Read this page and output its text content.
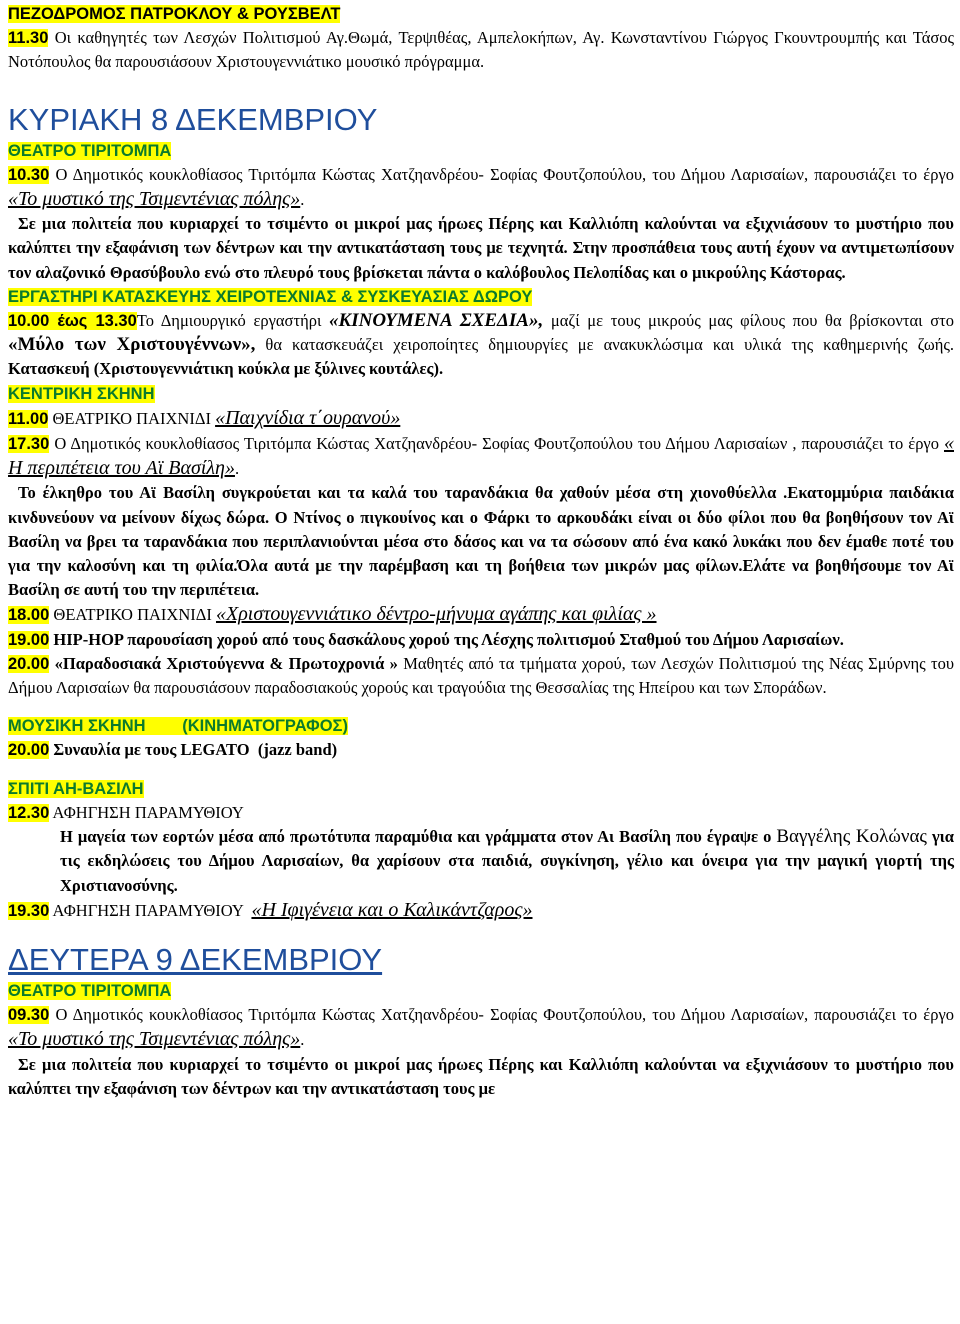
ΠΕΖΟΔΡΟΜΟΣ ΠΑΤΡΟΚΛΟΥ & ΡΟΥΣΒΕΛΤ

11.30 Οι καθηγητές των Λεσχών Πολιτισμού Αγ.Θωμά, Τερψιθέας, Αμπελοκήπων, Αγ. Κωνσταντίνου Γιώργος Γκουντρουμπής και Τάσος Νοτόπουλος θα παρουσιάσουν Χριστουγεννιάτικο μουσικό πρόγραμμα.

ΚΥΡΙΑΚΗ 8 ΔΕΚΕΜΒΡΙΟΥ

ΘΕΑΤΡΟ ΤΙΡΙΤΟΜΠΑ

10.30 Ο Δημοτικός κουκλοθίασος Τιριτόμπα Κώστας Χατζηανδρέου- Σοφίας Φουτζοπούλου, του Δήμου Λαρισαίων, παρουσιάζει το έργο «Το μυστικό της Τσιμεντένιας πόλης».

Σε μια πολιτεία που κυριαρχεί το τσιμέντο οι μικροί μας ήρωες Πέρης και Καλλιόπη καλούνται να εξιχνιάσουν το μυστήριο που καλύπτει την εξαφάνιση των δέντρων και την αντικατάσταση τους με τεχνητά. Στην προσπάθεια τους αυτή έχουν να αντιμετωπίσουν τον αλαζονικό Θρασύβουλο ενώ στο πλευρό τους βρίσκεται πάντα ο καλόβουλος Πελοπίδας και ο μικρούλης Κάστορας.

ΕΡΓΑΣΤΗΡΙ ΚΑΤΑΣΚΕΥΗΣ ΧΕΙΡΟΤΕΧΝΙΑΣ & ΣΥΣΚΕΥΑΣΙΑΣ ΔΩΡΟΥ

10.00 έως 13.30Το Δημιουργικό εργαστήρι «ΚΙΝΟΥΜΕΝΑ ΣΧΕΔΙΑ», μαζί με τους μικρούς μας φίλους που θα βρίσκονται στο «Μύλο των Χριστουγέννων», θα κατασκευάζει χειροποίητες δημιουργίες με ανακυκλώσιμα και υλικά της καθημερινής ζωής. Κατασκευή (Χριστουγεννιάτικη κούκλα με ξύλινες κουτάλες).

ΚΕΝΤΡΙΚΗ ΣΚΗΝΗ

11.00 ΘΕΑΤΡΙΚΟ ΠΑΙΧΝΙΔΙ «Παιχνίδια τ΄ουρανού»

17.30 Ο Δημοτικός κουκλοθίασος Τιριτόμπα Κώστας Χατζηανδρέου- Σοφίας Φουτζοπούλου του Δήμου Λαρισαίων , παρουσιάζει το έργο « Η περιπέτεια του Αϊ Βασίλη».

Το έλκηθρο του Αϊ Βασίλη συγκρούεται και τα καλά του ταρανδάκια θα χαθούν μέσα στη χιονοθύελλα .Εκατομμύρια παιδάκια κινδυνεύουν να μείνουν δίχως δώρα. Ο Ντίνος ο πιγκουίνος και ο Φάρκι το αρκουδάκι είναι οι δύο φίλοι που θα βοηθήσουν τον Αϊ Βασίλη να βρει τα ταρανδάκια που περιπλανιούνται μέσα στο δάσος και να τα σώσουν από ένα κακό λυκάκι που δεν έμαθε ποτέ του για την καλοσύνη και τη φιλία.Όλα αυτά με την παρέμβαση και τη βοήθεια των μικρών μας φίλων.Ελάτε να βοηθήσουμε τον Αϊ Βασίλη σε αυτή του την περιπέτεια.

18.00 ΘΕΑΤΡΙΚΟ ΠΑΙΧΝΙΔΙ «Χριστουγεννιάτικο δέντρο-μήνυμα αγάπης και φιλίας »

19.00 HIP-HOP παρουσίαση χορού από τους δασκάλους χορού της Λέσχης πολιτισμού Σταθμού του Δήμου Λαρισαίων.

20.00 «Παραδοσιακά Χριστούγεννα & Πρωτοχρονιά » Μαθητές από τα τμήματα χορού, των Λεσχών Πολιτισμού της Νέας Σμύρνης του Δήμου Λαρισαίων θα παρουσιάσουν παραδοσιακούς χορούς και τραγούδια της Θεσσαλίας της Ηπείρου και των Σποράδων.

ΜΟΥΣΙΚΗ ΣΚΗΝΗ        (ΚΙΝΗΜΑΤΟΓΡΑΦΟΣ)

20.00 Συναυλία με τους LEGATO  (jazz band)

ΣΠΙΤΙ ΑΗ-ΒΑΣΙΛΗ

12.30 ΑΦΗΓΗΣΗ ΠΑΡΑΜΥΘΙΟΥ

Η μαγεία των εορτών μέσα από πρωτότυπα παραμύθια και γράμματα στον Αι Βασίλη που έγραψε ο Βαγγέλης Κολώνας για τις εκδηλώσεις του Δήμου Λαρισαίων, θα χαρίσουν στα παιδιά, συγκίνηση, γέλιο και όνειρα για την μαγική γιορτή της Χριστιανοσύνης.

19.30 ΑΦΗΓΗΣΗ ΠΑΡΑΜΥΘΙΟΥ  «Η Ιφιγένεια και ο Καλικάντζαρος»

ΔΕΥΤΕΡΑ 9 ΔΕΚΕΜΒΡΙΟΥ

ΘΕΑΤΡΟ ΤΙΡΙΤΟΜΠΑ

09.30 Ο Δημοτικός κουκλοθίασος Τιριτόμπα Κώστας Χατζηανδρέου- Σοφίας Φουτζοπούλου, του Δήμου Λαρισαίων, παρουσιάζει το έργο «Το μυστικό της Τσιμεντένιας πόλης».

Σε μια πολιτεία που κυριαρχεί το τσιμέντο οι μικροί μας ήρωες Πέρης και Καλλιόπη καλούνται να εξιχνιάσουν το μυστήριο που καλύπτει την εξαφάνιση των δέντρων και την αντικατάσταση τους με
